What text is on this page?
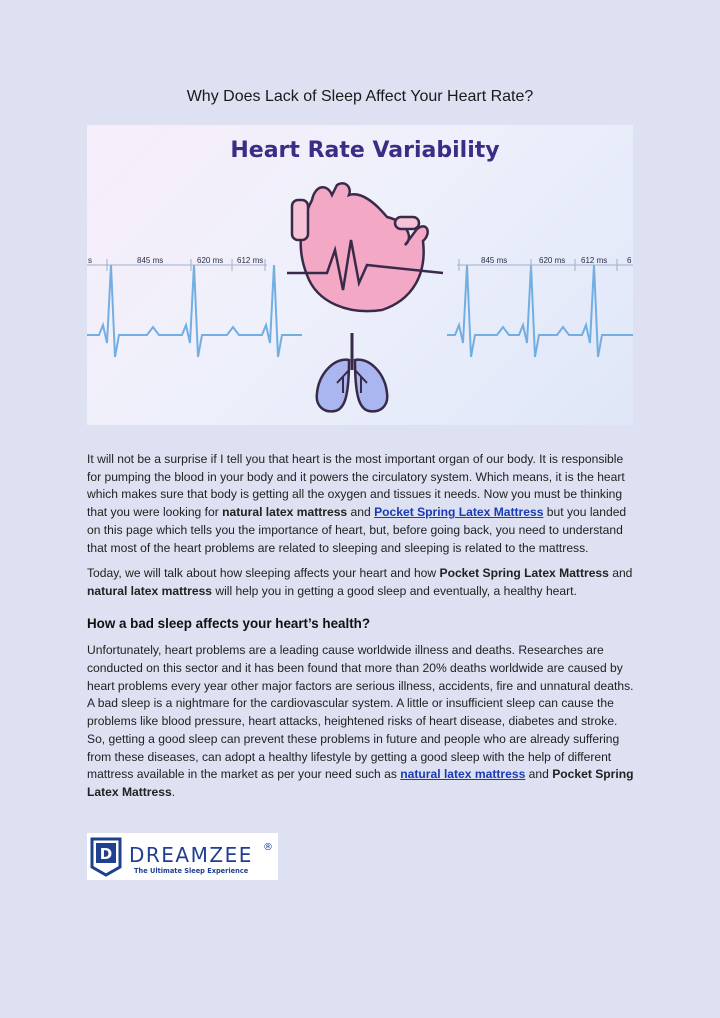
Why Does Lack of Sleep Affect Your Heart Rate?
Heart Rate Variability
s	845 ms	620 ms 612 ms	845 ms	620 ms 612 ms 6

It will not be a surprise if I tell you that heart is the most important organ of our body. It is responsible for pumping the blood in your body and it powers the circulatory system. Which means, it is the heart which makes sure that body is getting all the oxygen and tissues it needs. Now you must be thinking that you were looking for natural latex mattress and Pocket Spring Latex Mattress but you landed on this page which tells you the importance of heart, but, before going back, you need to understand that most of the heart problems are related to sleeping and sleeping is related to the mattress.

Today, we will talk about how sleeping affects your heart and how Pocket Spring Latex Mattress and natural latex mattress will help you in getting a good sleep and eventually, a healthy heart.

How a bad sleep affects your heart’s health?

Unfortunately, heart problems are a leading cause worldwide illness and deaths. Researches are conducted on this sector and it has been found that more than 20% deaths worldwide are caused by heart problems every year other major factors are serious illness, accidents, fire and unnatural deaths. A bad sleep is a nightmare for the cardiovascular system. A little or insufficient sleep can cause the problems like blood pressure, heart attacks, heightened risks of heart disease, diabetes and stroke. So, getting a good sleep can prevent these problems in future and people who are already suffering from these diseases, can adopt a healthy lifestyle by getting a good sleep with the help of different mattress available in the market as per your need such as natural latex mattress and Pocket Spring Latex Mattress.

D DREAMZEE ®
The Ultimate Sleep Experience
